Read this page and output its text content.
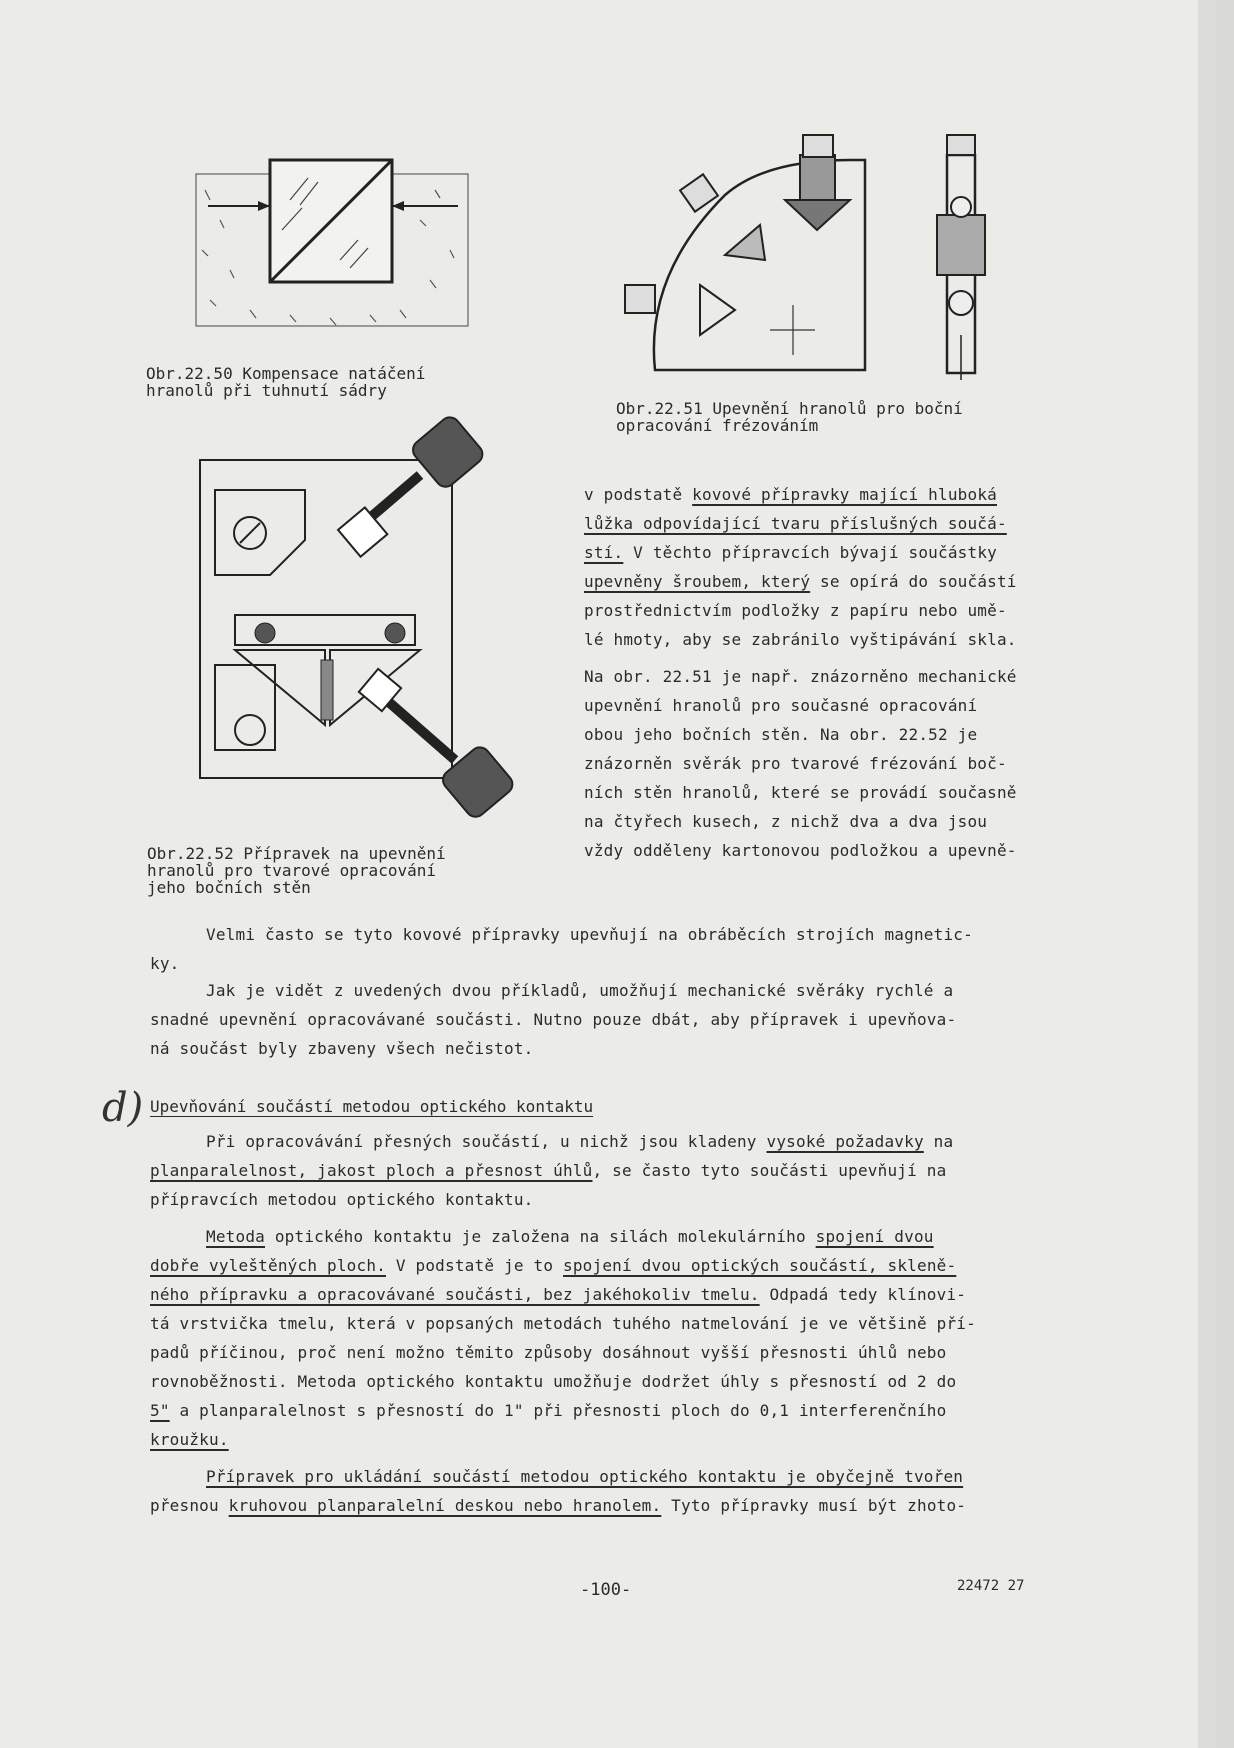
Obr.22.50 Kompensace natáčení
hranolů při tuhnutí sádry
Obr.22.51 Upevnění hranolů pro boční
opracování frézováním
Obr.22.52 Přípravek na upevnění
hranolů pro tvarové opracování
jeho bočních stěn
v podstatě kovové přípravky mající hluboká
lůžka odpovídající tvaru příslušných součá-
stí. V těchto přípravcích bývají součástky
upevněny šroubem, který se opírá do součástí
prostřednictvím podložky z papíru nebo umě-
lé hmoty, aby se zabránilo vyštipávání skla.
Na obr. 22.51 je např. znázorněno mechanické
upevnění hranolů pro současné opracování
obou jeho bočních stěn. Na obr. 22.52 je
znázorněn svěrák pro tvarové frézování boč-
ních stěn hranolů, které se provádí současně
na čtyřech kusech, z nichž dva a dva jsou
vždy odděleny kartonovou podložkou a upevně-
Velmi často se tyto kovové přípravky upevňují na obráběcích strojích magnetic-
ky.
Jak je vidět z uvedených dvou příkladů, umožňují mechanické svěráky rychlé a
snadné upevnění opracovávané součásti. Nutno pouze dbát, aby přípravek i upevňova-
ná součást byly zbaveny všech nečistot.
d) Upevňování součástí metodou optického kontaktu
Při opracovávání přesných součástí, u nichž jsou kladeny vysoké požadavky na
planparalelnost, jakost ploch a přesnost úhlů, se často tyto součásti upevňují na
přípravcích metodou optického kontaktu.
Metoda optického kontaktu je založena na silách molekulárního spojení dvou
dobře vyleštěných ploch. V podstatě je to spojení dvou optických součástí, skleně-
ného přípravku a opracovávané součásti, bez jakéhokoliv tmelu. Odpadá tedy klínovi-
tá vrstvička tmelu, která v popsaných metodách tuhého natmelování je ve většině pří-
padů příčinou, proč není možno těmito způsoby dosáhnout vyšší přesnosti úhlů nebo
rovnoběžnosti. Metoda optického kontaktu umožňuje dodržet úhly s přesností od 2 do
5" a planparalelnost s přesností do 1" při přesnosti ploch do 0,1 interferenčního
kroužku.
Přípravek pro ukládání součástí metodou optického kontaktu je obyčejně tvořen
přesnou kruhovou planparalelní deskou nebo hranolem. Tyto přípravky musí být zhoto-
-100-	22472 27
